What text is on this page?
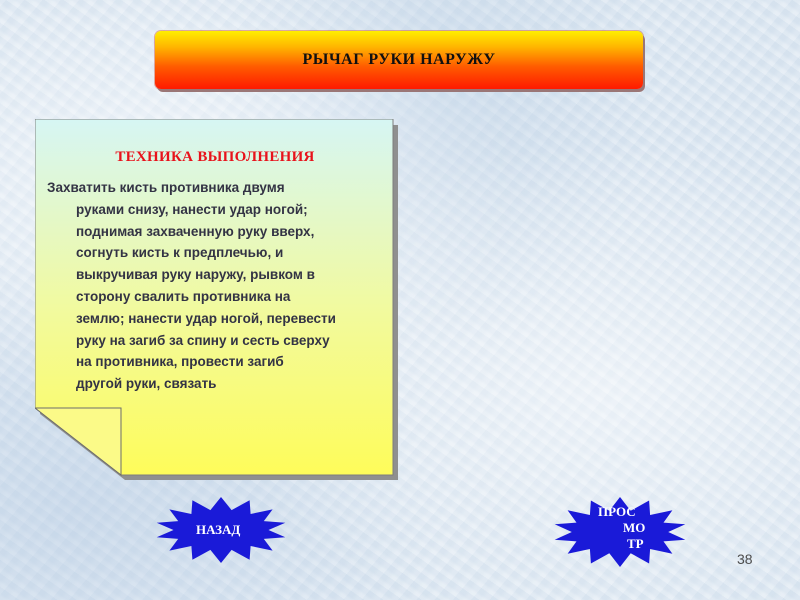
РЫЧАГ РУКИ НАРУЖУ
ТЕХНИКА ВЫПОЛНЕНИЯ
Захватить кисть противника двумя
руками снизу, нанести удар ногой;
поднимая захваченную руку вверх,
согнуть кисть к предплечью, и
выкручивая руку наружу, рывком в
сторону свалить противника на
землю; нанести удар ногой, перевести
руку на загиб за спину и сесть сверху
на противника, провести загиб
другой руки, связать
НАЗАД
ПРОС
МО
ТР
38
